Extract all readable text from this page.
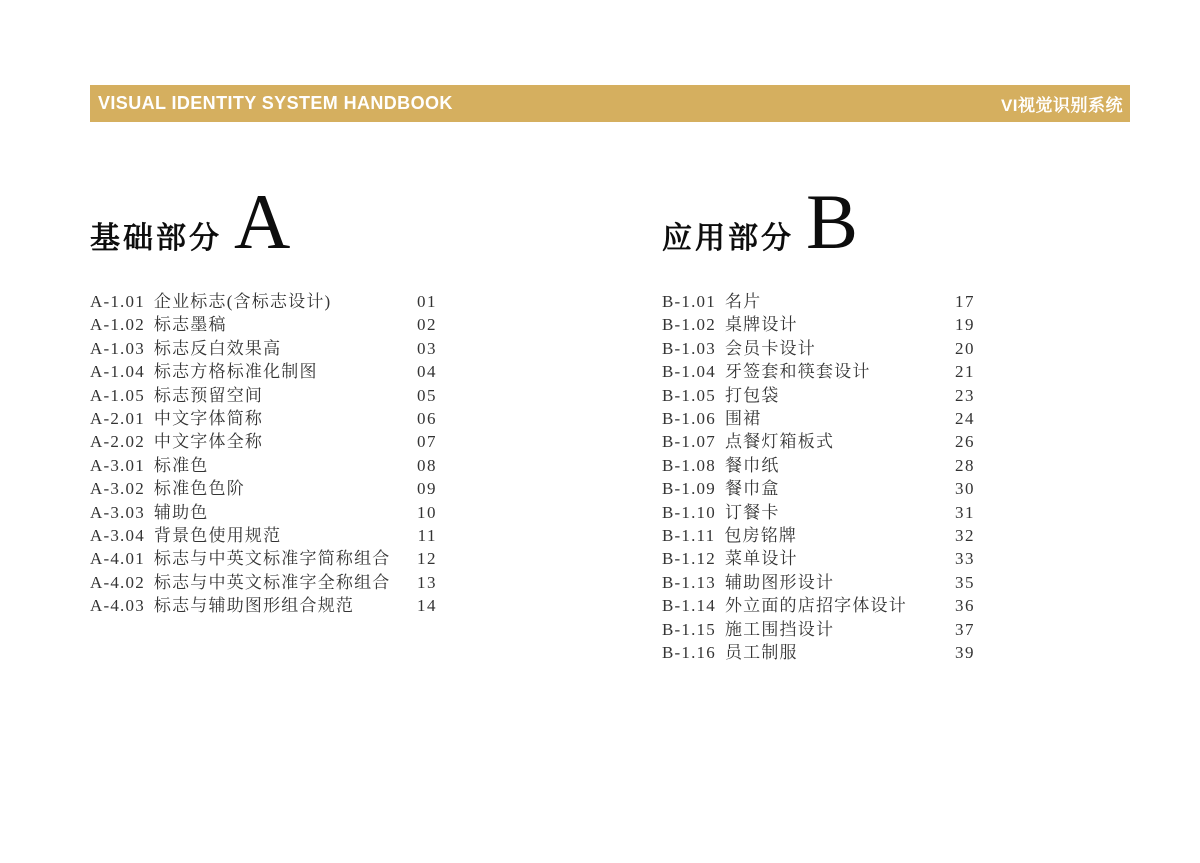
VISUAL IDENTITY SYSTEM HANDBOOK	VI视觉识别系统
基础部分 A
A-1.01 企业标志(含标志设计)	01
A-1.02 标志墨稿	02
A-1.03 标志反白效果高	03
A-1.04 标志方格标准化制图	04
A-1.05 标志预留空间	05
A-2.01 中文字体简称	06
A-2.02 中文字体全称	07
A-3.01 标准色	08
A-3.02 标准色色阶	09
A-3.03 辅助色	10
A-3.04 背景色使用规范	11
A-4.01 标志与中英文标准字简称组合	12
A-4.02 标志与中英文标准字全称组合	13
A-4.03 标志与辅助图形组合规范	14
应用部分 B
B-1.01 名片	17
B-1.02 桌牌设计	19
B-1.03 会员卡设计	20
B-1.04 牙签套和筷套设计	21
B-1.05 打包袋	23
B-1.06 围裙	24
B-1.07 点餐灯箱板式	26
B-1.08 餐巾纸	28
B-1.09 餐巾盒	30
B-1.10 订餐卡	31
B-1.11 包房铭牌	32
B-1.12 菜单设计	33
B-1.13 辅助图形设计	35
B-1.14 外立面的店招字体设计	36
B-1.15 施工围挡设计	37
B-1.16 员工制服	39
